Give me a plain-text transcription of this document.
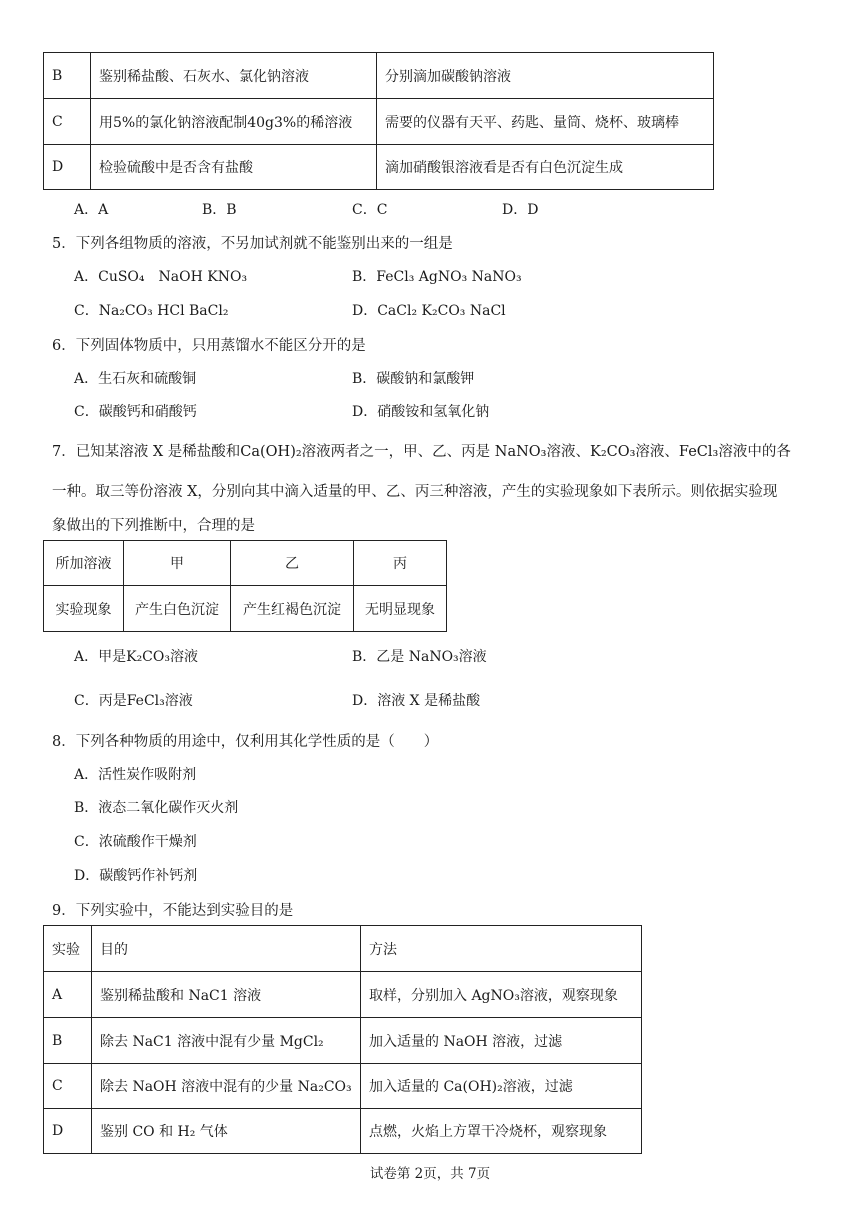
B	鉴别稀盐酸、石灰水、氯化钠溶液	分别滴加碳酸钠溶液
C	用5%的氯化钠溶液配制40g3%的稀溶液	需要的仪器有天平、药匙、量筒、烧杯、玻璃棒
D	检验硫酸中是否含有盐酸	滴加硝酸银溶液看是否有白色沉淀生成
A．A	B．B	C．C	D．D
5．下列各组物质的溶液，不另加试剂就不能鉴别出来的一组是
A．CuSO₄　NaOH KNO₃	B．FeCl₃ AgNO₃ NaNO₃
C．Na₂CO₃ HCl BaCl₂	D．CaCl₂ K₂CO₃ NaCl
6．下列固体物质中，只用蒸馏水不能区分开的是
A．生石灰和硫酸铜	B．碳酸钠和氯酸钾
C．碳酸钙和硝酸钙	D．硝酸铵和氢氧化钠
7．已知某溶液 X 是稀盐酸和Ca(OH)₂溶液两者之一，甲、乙、丙是 NaNO₃溶液、K₂CO₃溶液、FeCl₃溶液中的各
一种。取三等份溶液 X，分别向其中滴入适量的甲、乙、丙三种溶液，产生的实验现象如下表所示。则依据实验现
象做出的下列推断中，合理的是
所加溶液	甲	乙	丙
实验现象	产生白色沉淀	产生红褐色沉淀	无明显现象
A．甲是K₂CO₃溶液	B．乙是 NaNO₃溶液
C．丙是FeCl₃溶液	D．溶液 X 是稀盐酸
8．下列各种物质的用途中，仅利用其化学性质的是（　　）
A．活性炭作吸附剂
B．液态二氧化碳作灭火剂
C．浓硫酸作干燥剂
D．碳酸钙作补钙剂
9．下列实验中，不能达到实验目的是
实验	目的	方法
A	鉴别稀盐酸和 NaC1 溶液	取样，分别加入 AgNO₃溶液，观察现象
B	除去 NaC1 溶液中混有少量 MgCl₂	加入适量的 NaOH 溶液，过滤
C	除去 NaOH 溶液中混有的少量 Na₂CO₃	加入适量的 Ca(OH)₂溶液，过滤
D	鉴别 CO 和 H₂ 气体	点燃，火焰上方罩干冷烧杯，观察现象
试卷第 2页，共 7页
